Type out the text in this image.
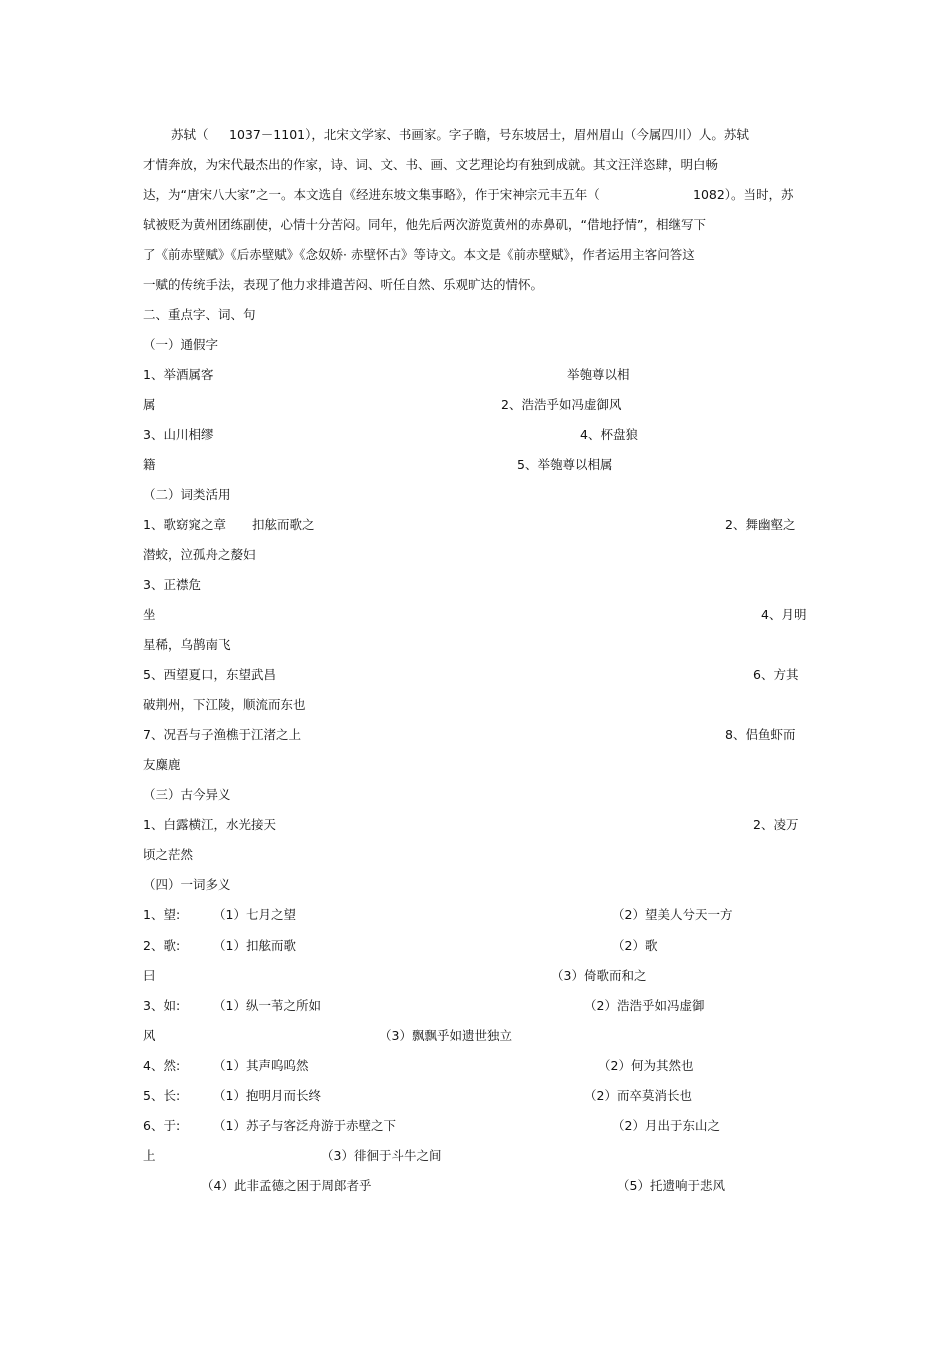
苏轼（ 1037－1101），北宋文学家、书画家。字子瞻，号东坡居士，眉州眉山（今属四川）人。苏轼
才情奔放，为宋代最杰出的作家，诗、词、文、书、画、文艺理论均有独到成就。其文汪洋恣肆，明白畅
达，为“唐宋八大家”之一。本文选自《经进东坡文集事略》，作于宋神宗元丰五年（	1082）。当时，苏
轼被贬为黄州团练副使，心情十分苦闷。同年，他先后两次游览黄州的赤鼻矶，“借地抒情”，相继写下
了《前赤壁赋》《后赤壁赋》《念奴娇· 赤壁怀古》等诗文。本文是《前赤壁赋》，作者运用主客问答这
一赋的传统手法，表现了他力求排遣苦闷、听任自然、乐观旷达的情怀。
二、重点字、词、句
（一）通假字
1、举酒属客	举匏尊以相
属	2、浩浩乎如冯虚御风
3、山川相缪	4、杯盘狼
籍	5、举匏尊以相属
（二）词类活用
1、歌窈窕之章 扣舷而歌之	2、舞幽壑之
潜蛟，泣孤舟之嫠妇
3、正襟危
坐	4、月明
星稀，乌鹊南飞
5、西望夏口，东望武昌	6、方其
破荆州，下江陵，顺流而东也
7、况吾与子渔樵于江渚之上	8、侣鱼虾而
友麋鹿
（三）古今异义
1、白露横江，水光接天	2、凌万
顷之茫然
（四）一词多义
1、望:	（1）七月之望	（2）望美人兮天一方
2、歌:	（1）扣舷而歌	（2）歌
曰	（3）倚歌而和之
3、如:	（1）纵一苇之所如	（2）浩浩乎如冯虚御
风	（3）飘飘乎如遗世独立
4、然:	（1）其声呜呜然	（2）何为其然也
5、长:	（1）抱明月而长终	（2）而卒莫消长也
6、于:	（1）苏子与客泛舟游于赤壁之下	（2）月出于东山之
上	（3）徘徊于斗牛之间
（4）此非孟德之困于周郎者乎	（5）托遗响于悲风
